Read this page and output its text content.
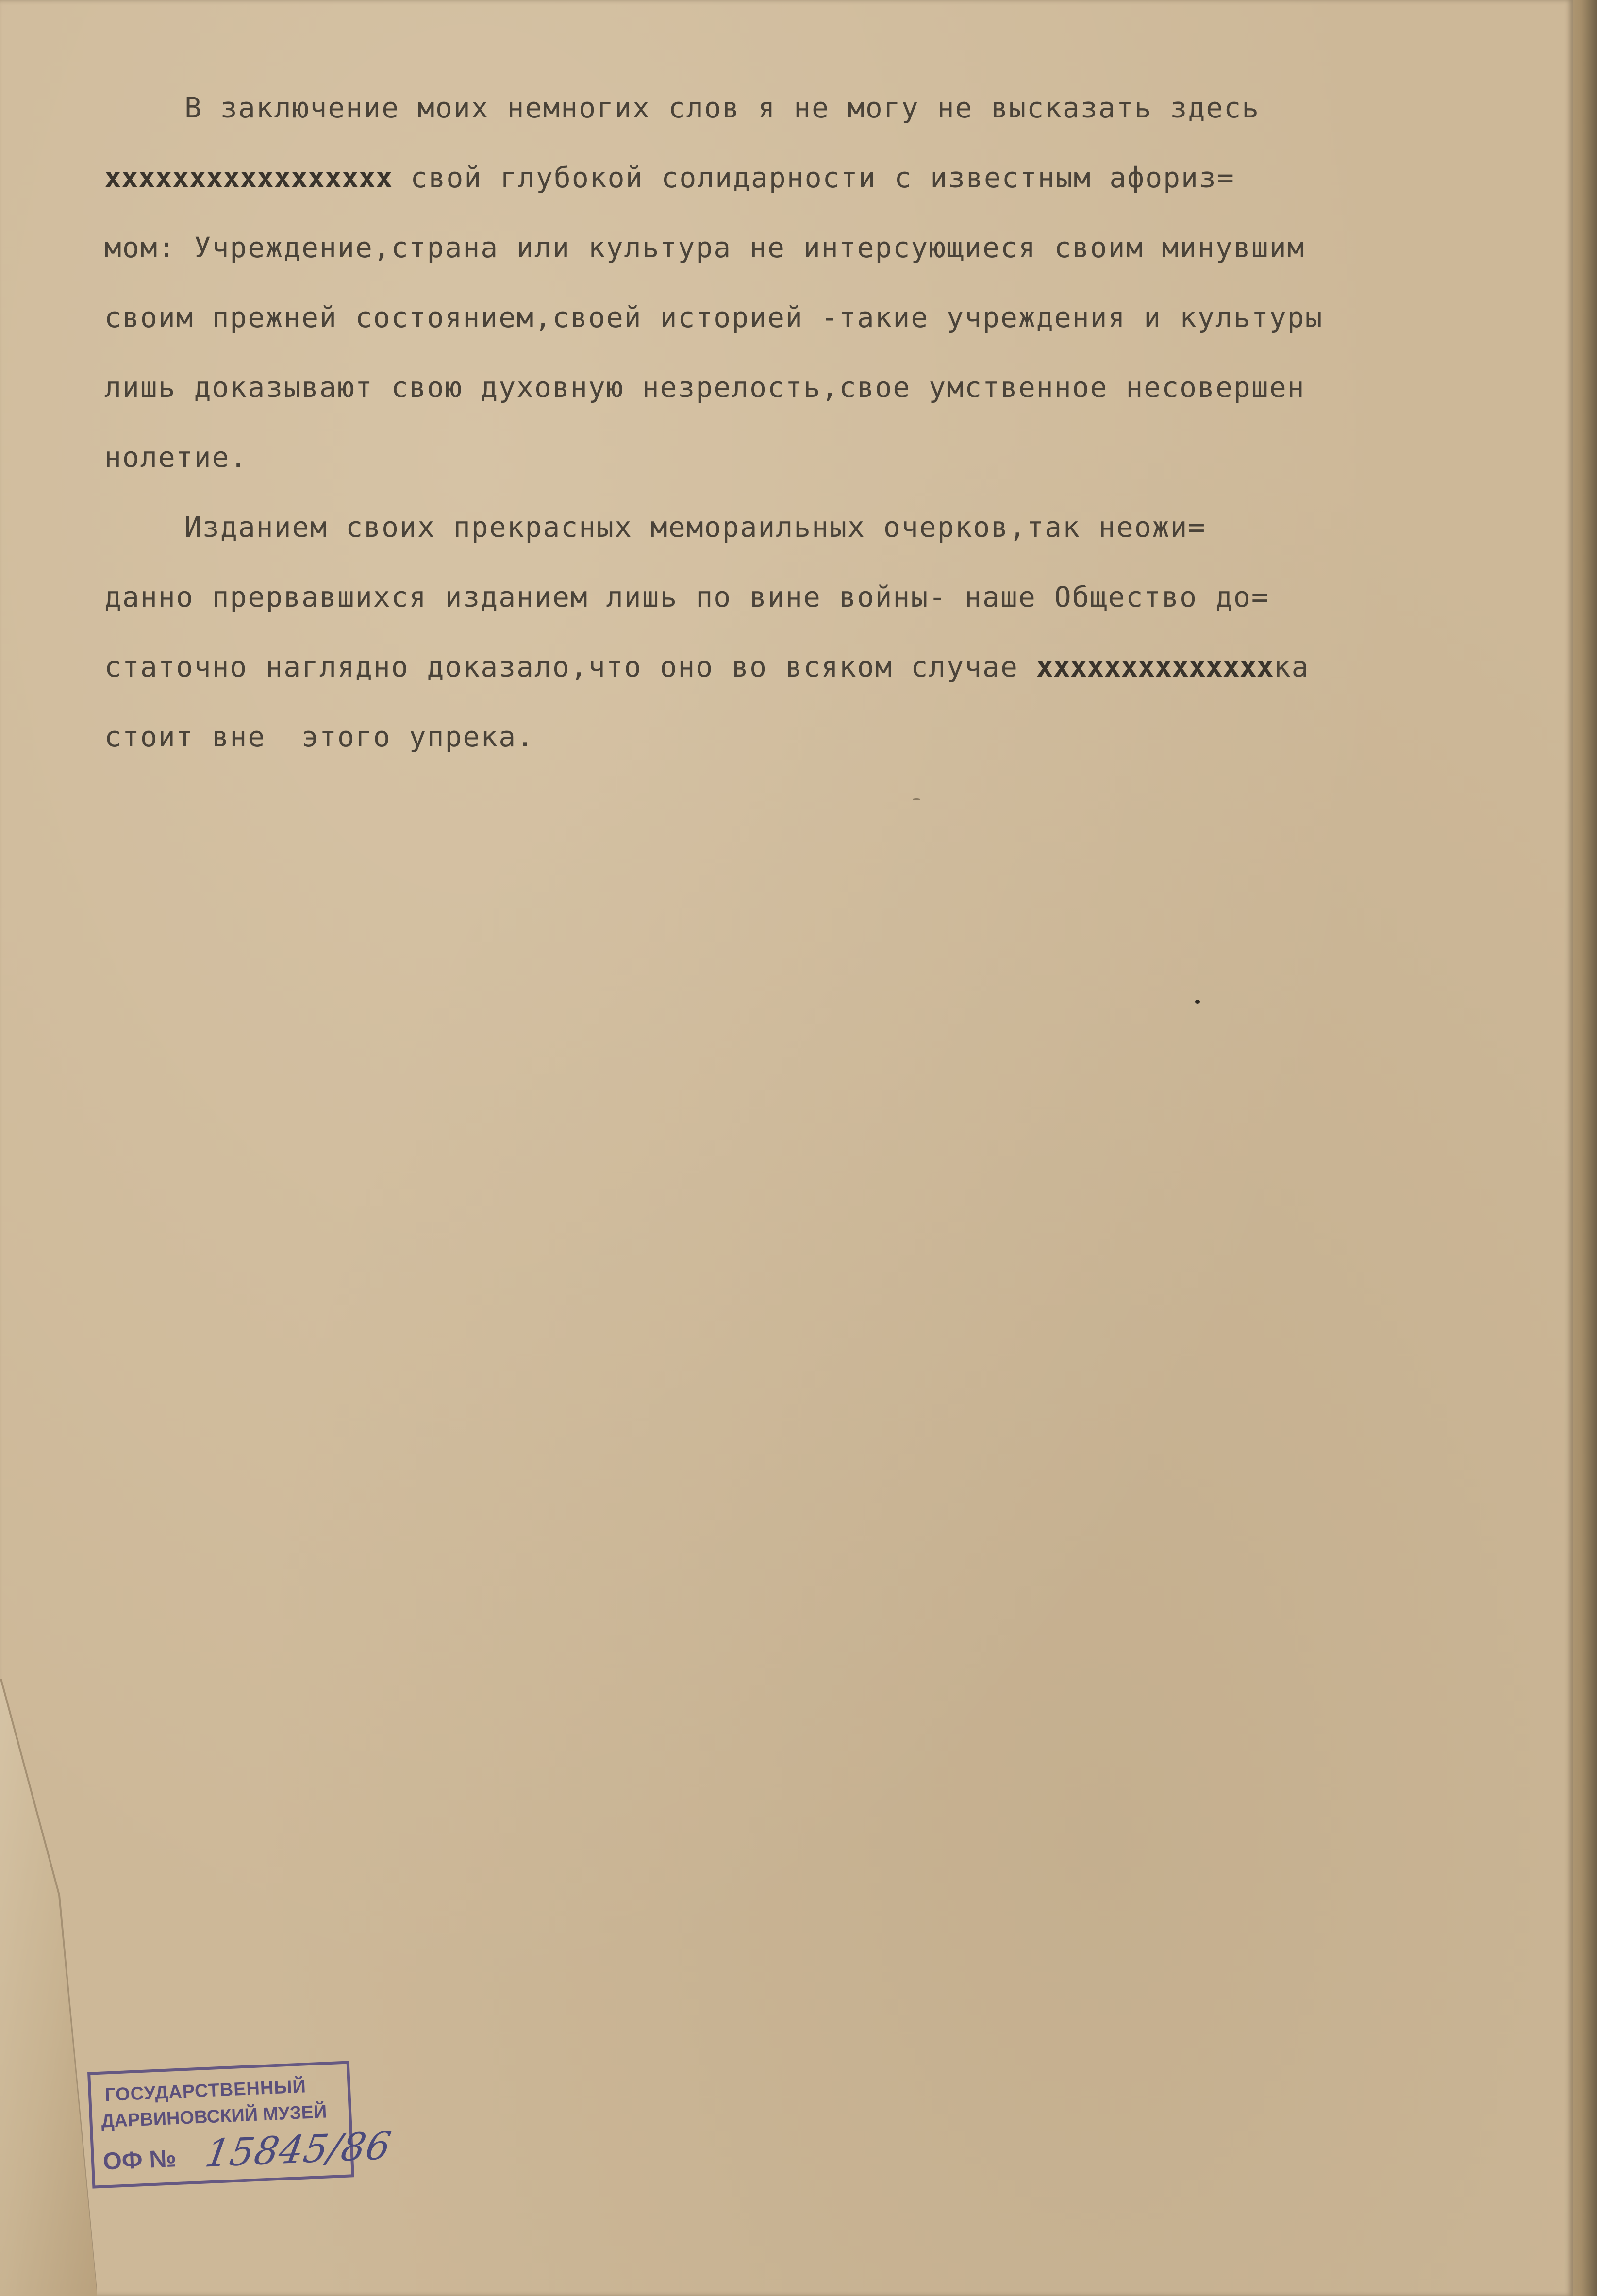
В заключение моих немногих слов я не могу не высказать здесь
xxxxxxxxxxxxxxxxx свой глубокой солидарности с известным афориз=
мом: Учреждение,страна или культура не интерсующиеся своим минувшим
своим прежней состоянием,своей историей -такие учреждения и культуры
лишь доказывают свою духовную незрелость,свое умственное несовершен
нолетие.
Изданием своих прекрасных мемораильных очерков,так неожи=
данно прервавшихся изданием лишь по вине войны- наше Общество до=
статочно наглядно доказало,что оно во всяком случае xxxxxxxxxxxxxxка
стоит вне  этого упрека.
ГОСУДАРСТВЕННЫЙ
ДАРВИНОВСКИЙ МУЗЕЙ
ОФ № 15845/86
